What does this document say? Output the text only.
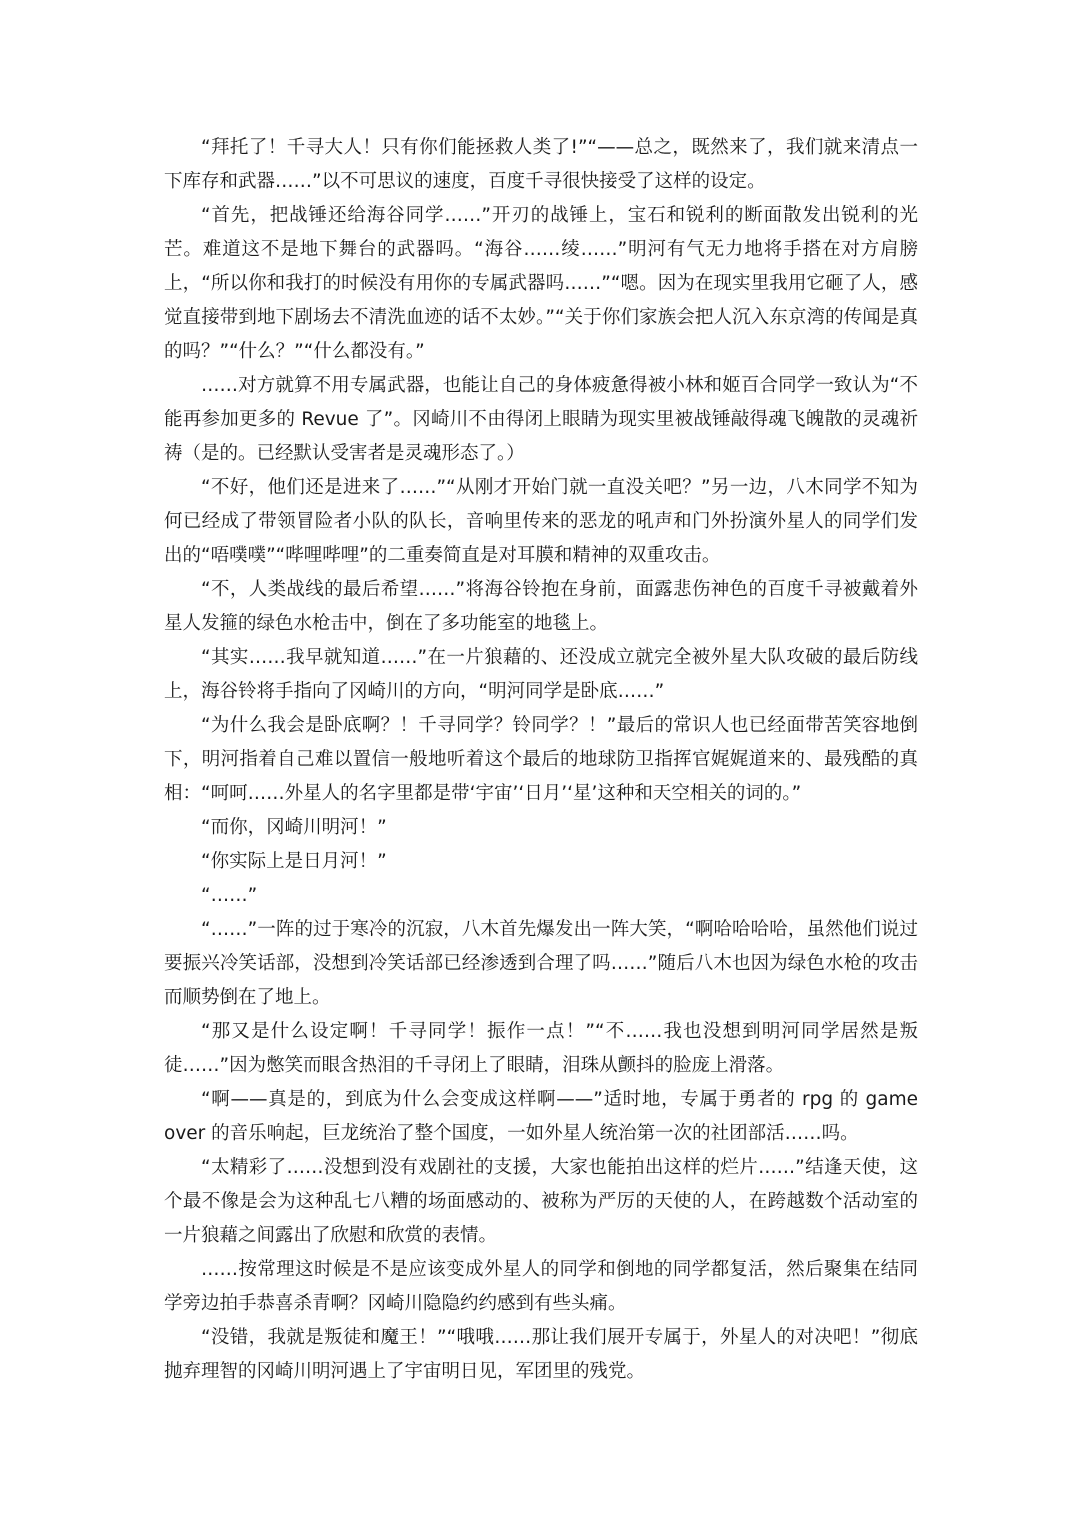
“拜托了！千寻大人！只有你们能拯救人类了!”“——总之，既然来了，我们就来清点一下库存和武器……”以不可思议的速度，百度千寻很快接受了这样的设定。

“首先，把战锤还给海谷同学……”开刃的战锤上，宝石和锐利的断面散发出锐利的光芒。难道这不是地下舞台的武器吗。“海谷……绫……”明河有气无力地将手搭在对方肩膀上，“所以你和我打的时候没有用你的专属武器吗……”“嗯。因为在现实里我用它砸了人，感觉直接带到地下剧场去不清洗血迹的话不太妙。”“关于你们家族会把人沉入东京湾的传闻是真的吗？”“什么？”“什么都没有。”

……对方就算不用专属武器，也能让自己的身体疲惫得被小林和姬百合同学一致认为“不能再参加更多的 Revue 了”。冈崎川不由得闭上眼睛为现实里被战锤敲得魂飞魄散的灵魂祈祷（是的。已经默认受害者是灵魂形态了。）

“不好，他们还是进来了……”“从刚才开始门就一直没关吧？”另一边，八木同学不知为何已经成了带领冒险者小队的队长，音响里传来的恶龙的吼声和门外扮演外星人的同学们发出的“唔噗噗”“哔哩哔哩”的二重奏简直是对耳膜和精神的双重攻击。

“不，人类战线的最后希望……”将海谷铃抱在身前，面露悲伤神色的百度千寻被戴着外星人发箍的绿色水枪击中，倒在了多功能室的地毯上。

“其实……我早就知道……”在一片狼藉的、还没成立就完全被外星大队攻破的最后防线上，海谷铃将手指向了冈崎川的方向，“明河同学是卧底……”

“为什么我会是卧底啊？！千寻同学？铃同学？！”最后的常识人也已经面带苦笑容地倒下，明河指着自己难以置信一般地听着这个最后的地球防卫指挥官娓娓道来的、最残酷的真相：“呵呵……外星人的名字里都是带‘宇宙’‘日月’‘星’这种和天空相关的词的。”

“而你，冈崎川明河！”

“你实际上是日月河！”

“……”

“……”一阵的过于寒冷的沉寂，八木首先爆发出一阵大笑，“啊哈哈哈哈，虽然他们说过要振兴冷笑话部，没想到冷笑话部已经渗透到合理了吗……”随后八木也因为绿色水枪的攻击而顺势倒在了地上。

“那又是什么设定啊！千寻同学！振作一点！”“不……我也没想到明河同学居然是叛徒……”因为憋笑而眼含热泪的千寻闭上了眼睛，泪珠从颤抖的脸庞上滑落。

“啊——真是的，到底为什么会变成这样啊——”适时地，专属于勇者的 rpg 的 game over 的音乐响起，巨龙统治了整个国度，一如外星人统治第一次的社团部活……吗。

“太精彩了……没想到没有戏剧社的支援，大家也能拍出这样的烂片……”结逢天使，这个最不像是会为这种乱七八糟的场面感动的、被称为严厉的天使的人，在跨越数个活动室的一片狼藉之间露出了欣慰和欣赏的表情。

……按常理这时候是不是应该变成外星人的同学和倒地的同学都复活，然后聚集在结同学旁边拍手恭喜杀青啊？冈崎川隐隐约约感到有些头痛。

“没错，我就是叛徒和魔王！”“哦哦……那让我们展开专属于，外星人的对决吧！”彻底抛弃理智的冈崎川明河遇上了宇宙明日见，军团里的残党。
